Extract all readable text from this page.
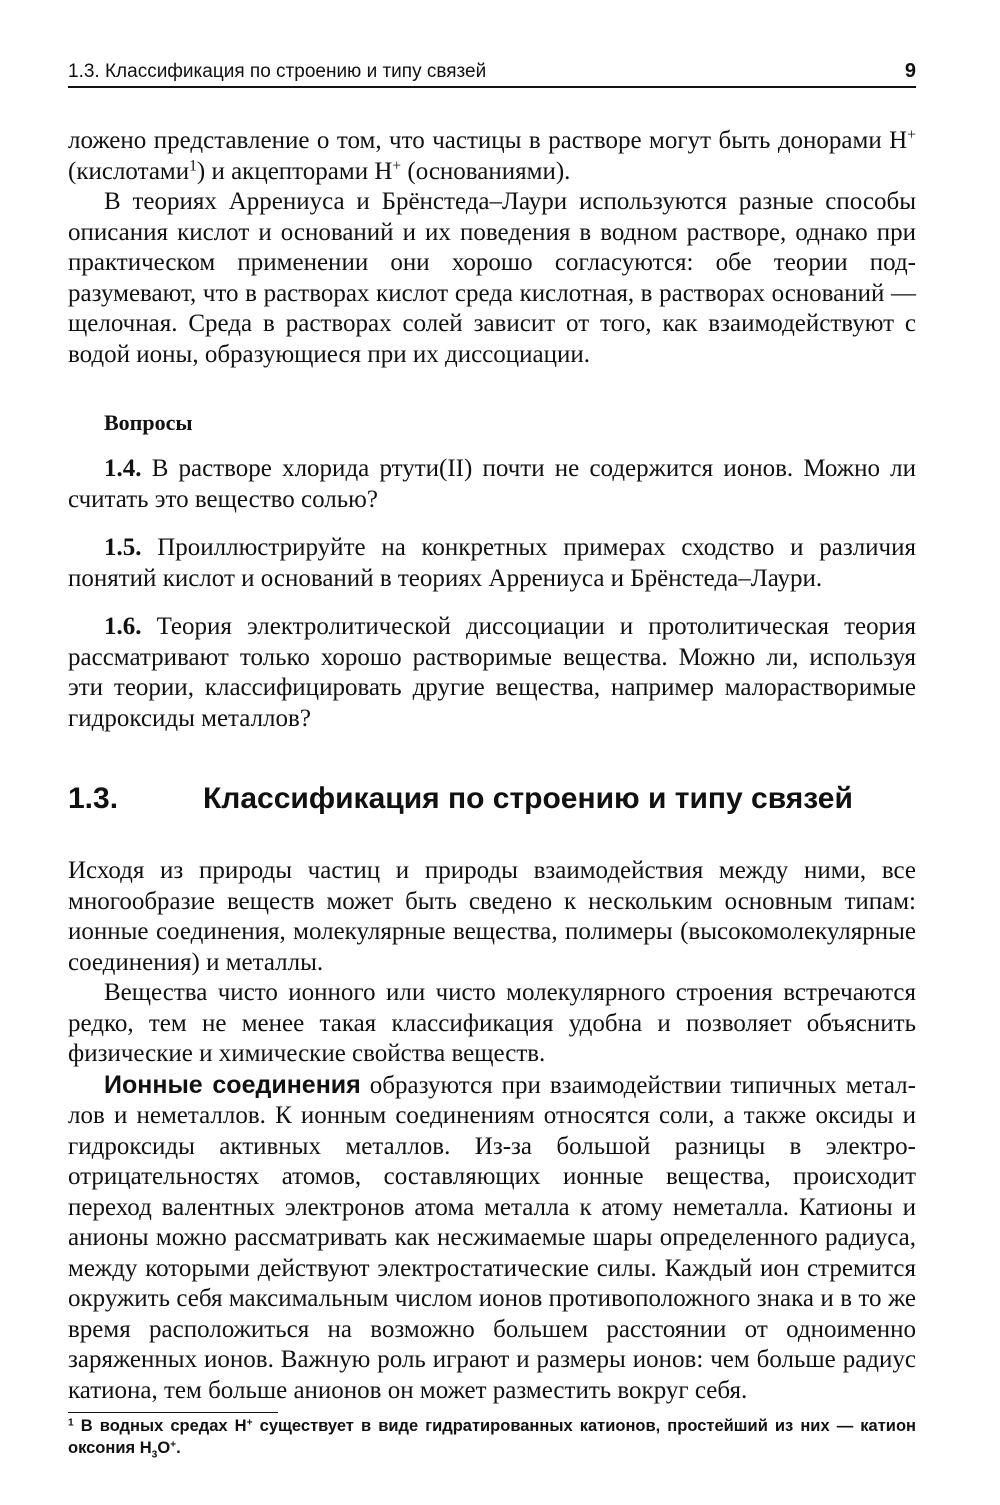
1.3. Классификация по строению и типу связей	9

ложено представление о том, что частицы в растворе могут быть донорами H+ (кислотами$^1$) и акцепторами H+ (основаниями).

В теориях Аррениуса и Брёнстеда–Лаури используются разные способы описания кислот и оснований и их поведения в водном растворе, однако при практическом применении они хорошо согласуются: обе теории подразумевают, что в растворах кислот среда кислотная, в растворах оснований — щелочная. Среда в растворах солей зависит от того, как взаимодействуют с водой ионы, образующиеся при их диссоциации.

Вопросы

1.4. В растворе хлорида ртути(II) почти не содержится ионов. Можно ли считать это вещество солью?

1.5. Проиллюстрируйте на конкретных примерах сходство и различия понятий кислот и оснований в теориях Аррениуса и Брёнстеда–Лаури.

1.6. Теория электролитической диссоциации и протолитическая теория рассматривают только хорошо растворимые вещества. Можно ли, используя эти теории, классифицировать другие вещества, например малорастворимые гидроксиды металлов?

1.3.	Классификация по строению и типу связей

Исходя из природы частиц и природы взаимодействия между ними, все многообразие веществ может быть сведено к нескольким основным типам: ионные соединения, молекулярные вещества, полимеры (высокомолекулярные соединения) и металлы.

Вещества чисто ионного или чисто молекулярного строения встречаются редко, тем не менее такая классификация удобна и позволяет объяснить физические и химические свойства веществ.

Ионные соединения образуются при взаимодействии типичных металлов и неметаллов. К ионным соединениям относятся соли, а также оксиды и гидроксиды активных металлов. Из-за большой разницы в электроотрицательностях атомов, составляющих ионные вещества, происходит переход валентных электронов атома металла к атому неметалла. Катионы и анионы можно рассматривать как несжимаемые шары определенного радиуса, между которыми действуют электростатические силы. Каждый ион стремится окружить себя максимальным числом ионов противоположного знака и в то же время расположиться на возможно большем расстоянии от одноименно заряженных ионов. Важную роль играют и размеры ионов: чем больше радиус катиона, тем больше анионов он может разместить вокруг себя.

$^1$ В водных средах H+ существует в виде гидратированных катионов, простейший из них — катион оксония $H_3O^+$.
